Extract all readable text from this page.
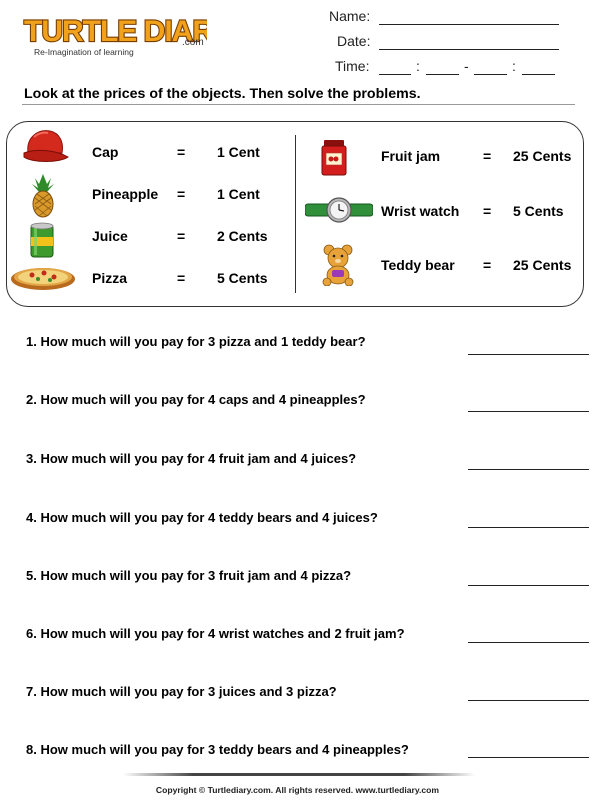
TURTLE DIAR
.com
Re-Imagination of learning
Name:
Date:
Time:	:	-	:
Look at the prices of the objects. Then solve the problems.
Cap	= 1 Cent
Pineapple = 1 Cent
Juice	= 2 Cents
Pizza	= 5 Cents
Fruit jam	= 25 Cents
Wrist watch = 5 Cents
Teddy bear = 25 Cents
1. How much will you pay for 3 pizza and 1 teddy bear?
2. How much will you pay for 4 caps and 4 pineapples?
3. How much will you pay for 4 fruit jam and 4 juices?
4. How much will you pay for 4 teddy bears and 4 juices?
5. How much will you pay for 3 fruit jam and 4 pizza?
6. How much will you pay for 4 wrist watches and 2 fruit jam?
7. How much will you pay for 3 juices and 3 pizza?
8. How much will you pay for 3 teddy bears and 4 pineapples?
Copyright © Turtlediary.com. All rights reserved. www.turtlediary.com
